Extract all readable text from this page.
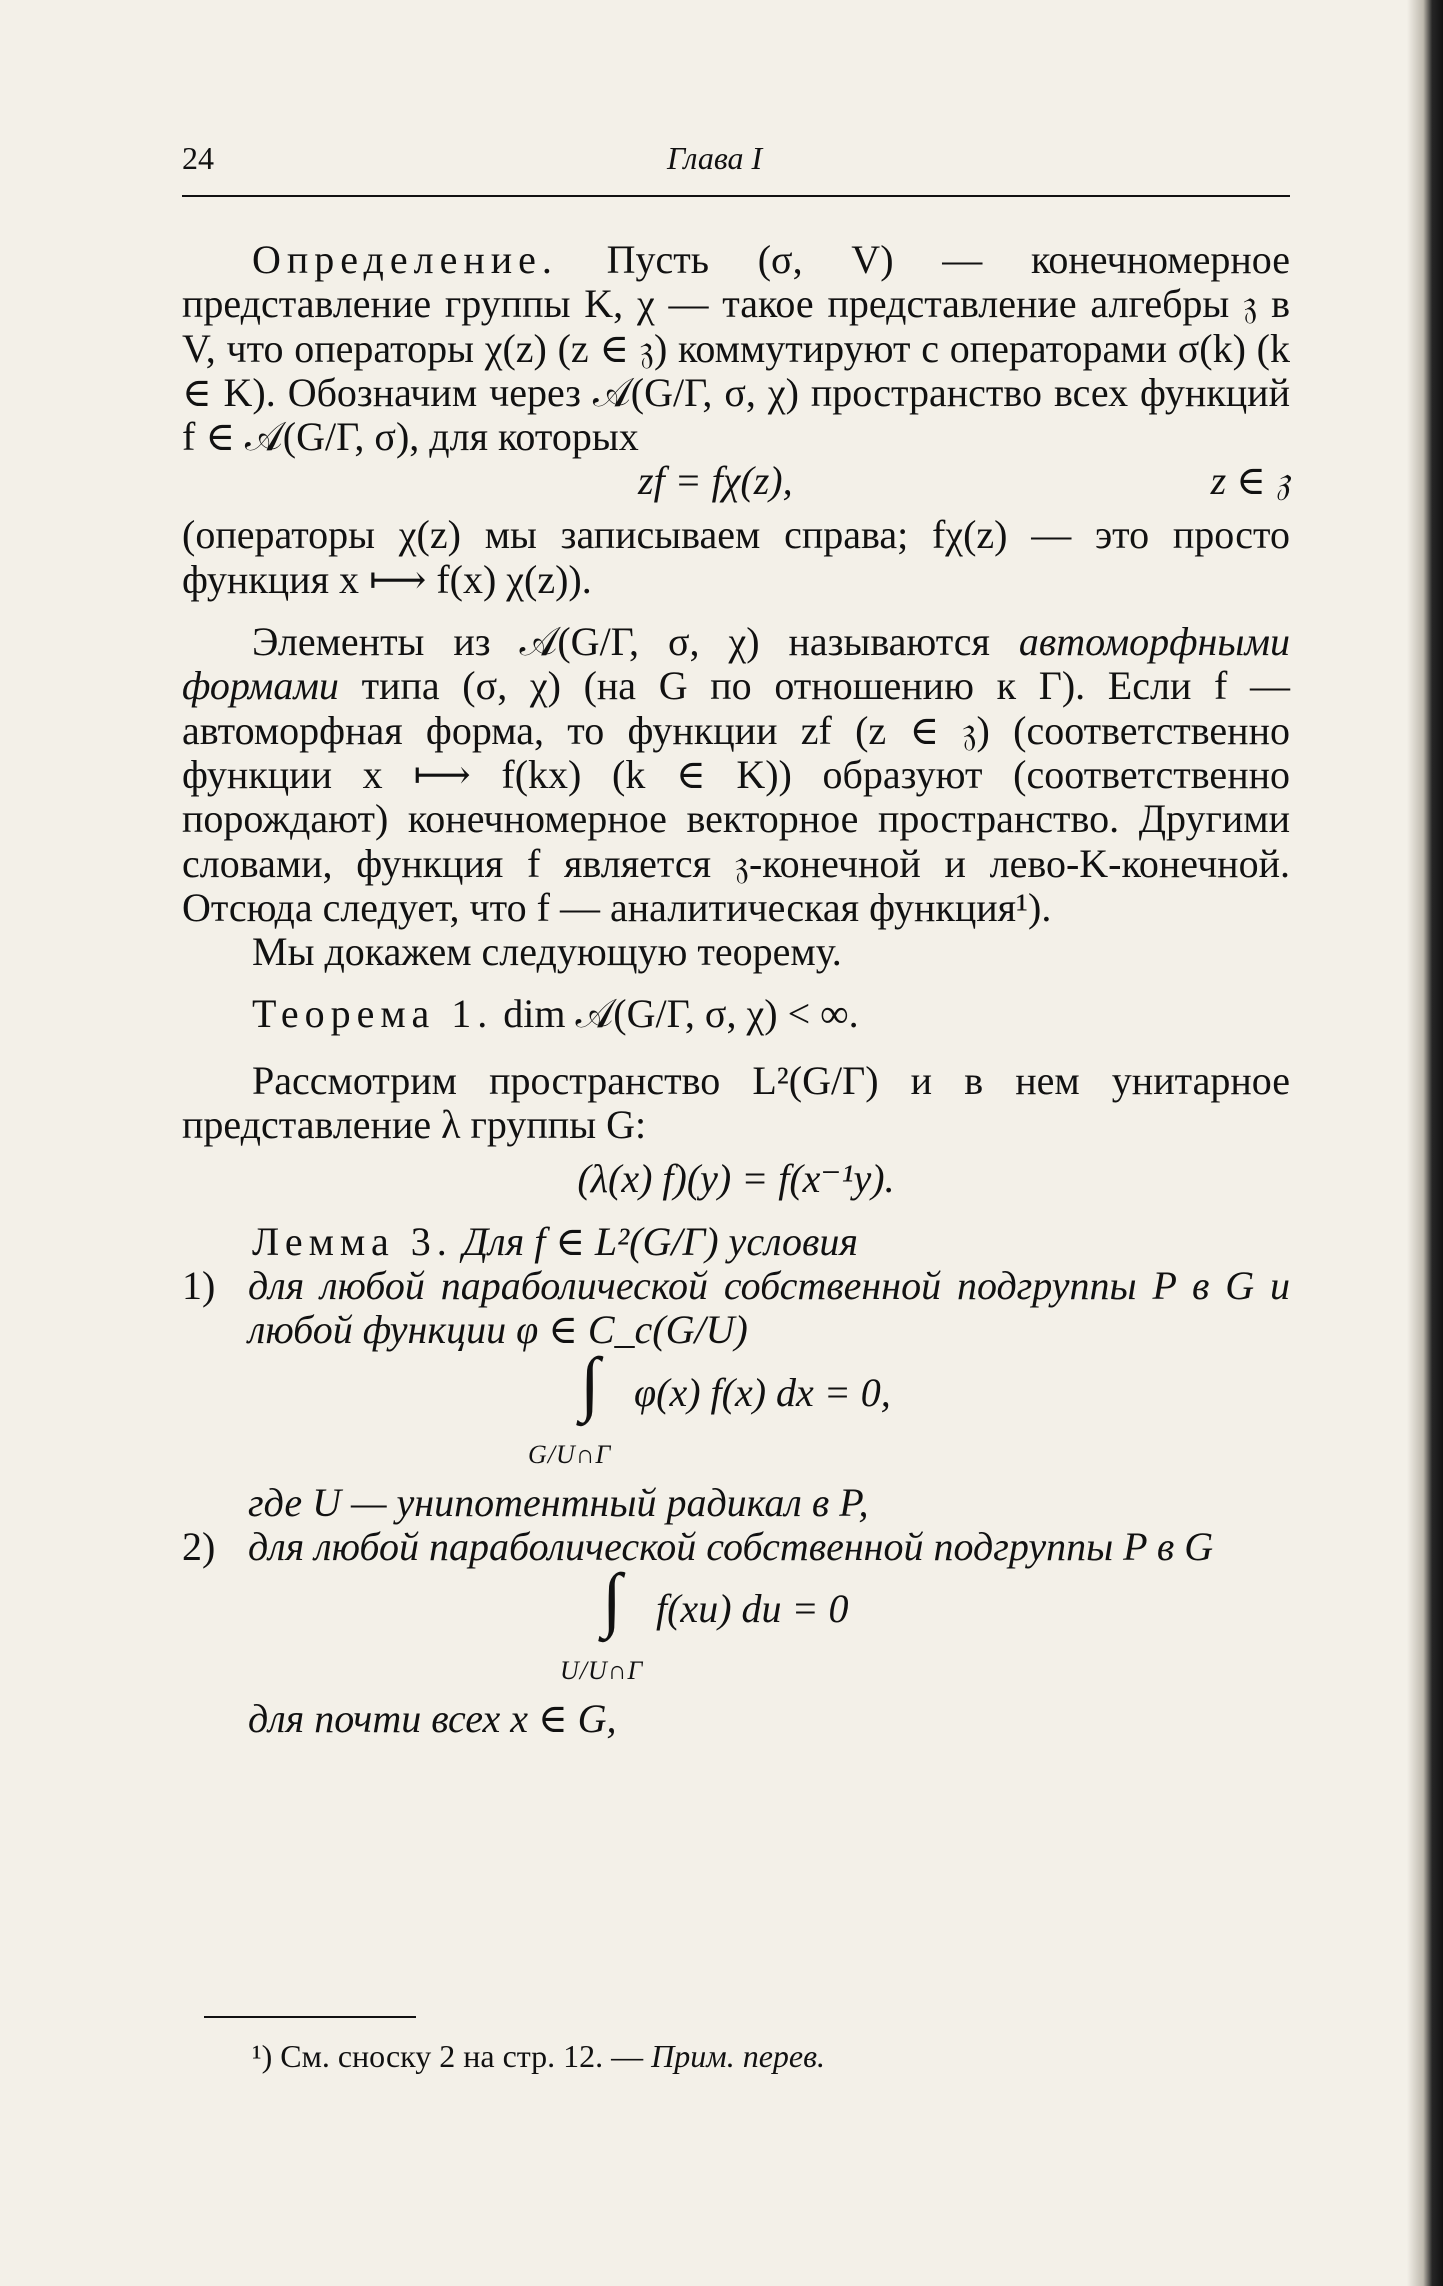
24	Глава I

Определение. Пусть (σ, V) — конечномерное представление группы K, χ — такое представление алгебры 𝔷 в V, что операторы χ(z) (z ∈ 𝔷) коммутируют с операторами σ(k) (k ∈ K). Обозначим через 𝒜(G/Γ, σ, χ) пространство всех функций f ∈ 𝒜(G/Γ, σ), для которых

zf = fχ(z),	z ∈ 𝔷

(операторы χ(z) мы записываем справа; fχ(z) — это просто функция x ⟼ f(x) χ(z)).

Элементы из 𝒜(G/Γ, σ, χ) называются автоморфными формами типа (σ, χ) (на G по отношению к Γ). Если f — автоморфная форма, то функции zf (z ∈ 𝔷) (соответственно функции x ⟼ f(kx) (k ∈ K)) образуют (соответственно порождают) конечномерное векторное пространство. Другими словами, функция f является 𝔷-конечной и лево-K-конечной. Отсюда следует, что f — аналитическая функция¹).

Мы докажем следующую теорему.

Теорема 1. dim 𝒜(G/Γ, σ, χ) < ∞.

Рассмотрим пространство L²(G/Γ) и в нем унитарное представление λ группы G:

(λ(x) f)(y) = f(x⁻¹y).

Лемма 3. Для f ∈ L²(G/Γ) условия

1) для любой параболической собственной подгруппы P в G и любой функции φ ∈ C_c(G/U)
∫ φ(x) f(x) dx = 0,
G/U∩Γ
где U — унипотентный радикал в P,
2) для любой параболической собственной подгруппы P в G
∫ f(xu) du = 0
U/U∩Γ
для почти всех x ∈ G,
¹) См. сноску 2 на стр. 12. — Прим. перев.
